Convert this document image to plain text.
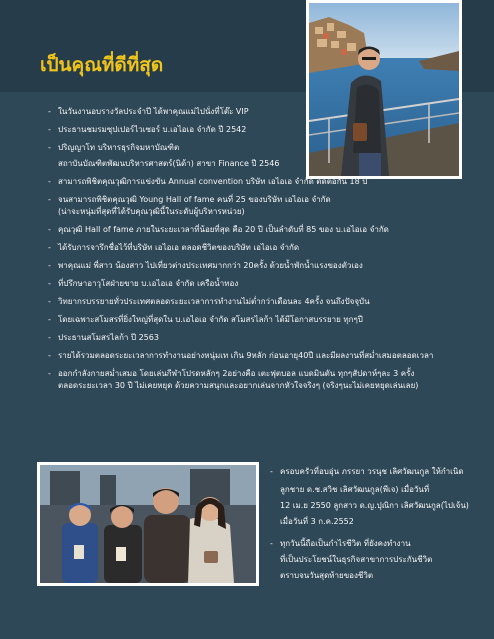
เป็นคุณที่ดีที่สุด
- ในวันงานอบรางวัลประจำปี ได้พาคุณแม่ไปนั่งที่โต๊ะ VIP
- ประธานชมรมซุปเปอร์ไวเซอร์ บ.เอไอเอ จำกัด ปี 2542
- ปริญญาโท บริหารธุรกิจมหาบัณฑิต
สถาบันบัณฑิตพัฒนบริหารศาสตร์(นิด้า) สาขา Finance ปี 2546
- สามารถพิชิตคุณวุฒิการแข่งขัน Annual convention บริษัท เอไอเอ จำกัด ติดต่อกัน 18 ปี
- จนสามารถพิชิตคุณวุฒิ Young Hall of fame คนที่ 25 ของบริษัท เอไอเอ จำกัด
(น่าจะหนุ่มที่สุดที่ได้รับคุณวุฒินี้ในระดับผู้บริหารหน่วย)
- คุณวุฒิ Hall of fame ภายในระยะเวลาที่น้อยที่สุด คือ 20 ปี เป็นลำดับที่ 85 ของ บ.เอไอเอ จำกัด
- ได้รับการจารึกชื่อไว้ที่บริษัท เอไอเอ ตลอดชีวิตของบริษัท เอไอเอ จำกัด
- พาคุณแม่ พี่สาว น้องสาว ไปเที่ยวต่างประเทศมากกว่า 20ครั้ง ด้วยน้ำพักน้ำแรงของตัวเอง
- ที่ปรึกษาอาวุโสฝ่ายขาย บ.เอไอเอ จำกัด เครือน้ำทอง
- วิทยากรบรรยายทั่วประเทศตลอดระยะเวลาการทำงานไม่ต่ำกว่าเดือนละ 4ครั้ง จนถึงปัจจุบัน
- โดยเฉพาะสโมสรที่ยิ่งใหญ่ที่สุดใน บ.เอไอเอ จำกัด สโมสรไลก้า ได้มีโอกาสบรรยาย ทุกๆปี
- ประธานสโมสรไลก้า ปี 2563
- รายได้รวมตลอดระยะเวลาการทำงานอย่างหนุ่มเท เกิน 9หลัก ก่อนอายุ40ปี และมีผลงานที่สม่ำเสมอตลอดเวลา
- ออกกำลังกายสม่ำเสมอ โดยเล่นกีฬาโปรดหลักๆ 2อย่างคือ เตะฟุตบอล แบดมินตัน ทุกๆสัปดาห์ๆละ 3 ครั้ง
ตลอดระยะเวลา 30 ปี ไม่เคยหยุด ด้วยความสนุกและอยากเล่นจากหัวใจจริงๆ (จริงๆนะไม่เคยหยุดเล่นเลย)
- ครอบครัวที่อบอุ่น ภรรยา วรนุช เลิศวัฒนกูล ให้กำเนิด
ลูกชาย ด.ช.สวิช เลิศวัฒนกูล(พีเจ) เมื่อวันที่
12 เม.ย 2550 ลูกสาว ด.ญ.ปุณิกา เลิศวัฒนกูล(ไปเจ้น)
เมื่อวันที่ 3 ก.ค.2552
- ทุกวันนี้ถือเป็นกำไรชีวิต ที่ยังคงทำงาน
ที่เป็นประโยชน์ในธุรกิจสาขาการประกันชีวิต
ตราบจนวันสุดท้ายของชีวิต
